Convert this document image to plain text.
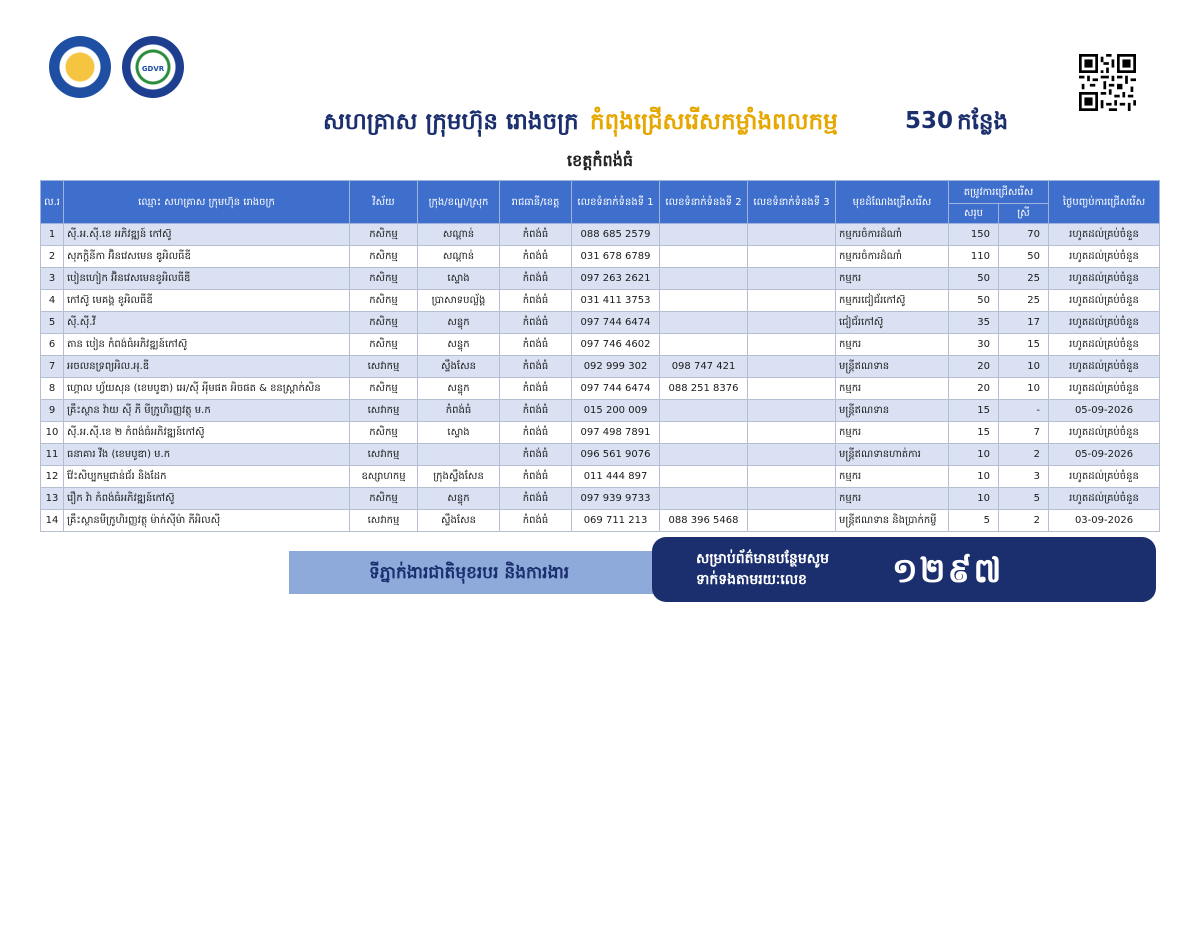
GDVR
សហគ្រាស ក្រុមហ៊ុន រោងចក្រ កំពុងជ្រើសរើសកម្លាំងពលកម្ម	530 កន្លែង
ខេត្តកំពង់ធំ
ល.រ	ឈ្មោះ សហគ្រាស ក្រុមហ៊ុន រោងចក្រ	វិស័យ	ក្រុង/ខណ្ឌ/ស្រុក	រាជធានី/ខេត្ត	លេខទំនាក់ទំនងទី 1	លេខទំនាក់ទំនងទី 2	លេខទំនាក់ទំនងទី 3	មុខដំណែងជ្រើសរើស	តម្រូវការជ្រើសរើស		ថ្ងៃបញ្ចប់ការជ្រើសរើស
									សរុប	ស្រី	
1	ស៊ី.អ.ស៊ី.ខេ អភិវឌ្ឍន៍ កៅស៊ូ	កសិកម្ម	សណ្ដាន់	កំពង់ធំ	088 685 2579			កម្មករចំការដំណាំ	150	70	រហូតដល់គ្រប់ចំនួន
2	សុភក្តិនីកា អ៊ិនវេសមេន ឌូអិលធីឌី	កសិកម្ម	សណ្ដាន់	កំពង់ធំ	031 678 6789			កម្មករចំការដំណាំ	110	50	រហូតដល់គ្រប់ចំនួន
3	បៀនហៀក អ៊ិនវេសមេនខូអិលធីឌី	កសិកម្ម	ស្ទោង	កំពង់ធំ	097 263 2621			កម្មករ	50	25	រហូតដល់គ្រប់ចំនួន
4	កៅស៊ូ មេគង្គ ខូអិលធីឌី	កសិកម្ម	ប្រាសាទបល្ល័ង្គ	កំពង់ធំ	031 411 3753			កម្មករជៀជ័រកៅស៊ូ	50	25	រហូតដល់គ្រប់ចំនួន
5	ស៊ី.ស៊ី.វី	កសិកម្ម	សន្ទុក	កំពង់ធំ	097 744 6474			ជៀជ័រកៅស៊ូ	35	17	រហូតដល់គ្រប់ចំនួន
6	តាន បៀន កំពង់ធំអភិវឌ្ឍន៍កៅស៊ូ	កសិកម្ម	សន្ទុក	កំពង់ធំ	097 746 4602			កម្មករ	30	15	រហូតដល់គ្រប់ចំនួន
7	អចលនទ្រព្យអិល.អុ.ឌី	សេវាកម្ម	ស្ទឹងសែន	កំពង់ធំ	092 999 302	098 747 421		មន្ត្រីឥណទាន	20	10	រហូតដល់គ្រប់ចំនួន
8	ហ្គោល ហ្វ័យសុន (ខេមបូឌា) អេ/ស៊ី អុីមផត អិចផត & ខនស្ត្រាក់សិន	កសិកម្ម	សន្ទុក	កំពង់ធំ	097 744 6474	088 251 8376		កម្មករ	20	10	រហូតដល់គ្រប់ចំនួន
9	គ្រឹះស្ថាន វ៉ាយ ស៊ី ភី មីក្រូហិរញ្ញវត្ថុ ម.ក	សេវាកម្ម	កំពង់ធំ	កំពង់ធំ	015 200 009			មន្ត្រីឥណទាន	15	-	05-09-2026
10	ស៊ី.អ.ស៊ី.ខេ ២ កំពង់ធំអភិវឌ្ឍន៍កៅស៊ូ	កសិកម្ម	ស្ទោង	កំពង់ធំ	097 498 7891			កម្មករ	15	7	រហូតដល់គ្រប់ចំនួន
11	ធនាគារ វីង (ខេមបូឌា) ម.ក	សេវាកម្ម		កំពង់ធំ	096 561 9076			មន្ត្រីឥណទានហាត់ការ	10	2	05-09-2026
12	វ៉ែះសិប្បកម្មជាន់ជ័រ និងដែក	ឧស្សាហកម្ម	ក្រុងស្ទឹងសែន	កំពង់ធំ	011 444 897			កម្មករ	10	3	រហូតដល់គ្រប់ចំនួន
13	រឿក វ៉ា កំពង់ធំអភិវឌ្ឍន៍កៅស៊ូ	កសិកម្ម	សន្ទុក	កំពង់ធំ	097 939 9733			កម្មករ	10	5	រហូតដល់គ្រប់ចំនួន
14	គ្រឹះស្ថានមីក្រូហិរញ្ញវត្ថុ ម៉ាក់ស៊ីម៉ា ភីអិលស៊ី	សេវាកម្ម	ស្ទឹងសែន	កំពង់ធំ	069 711 213	088 396 5468		មន្ត្រីឥណទាន និងប្រាក់កម្ចី	5	2	03-09-2026
ទីភ្នាក់ងារជាតិមុខរបរ និងការងារ
សម្រាប់ព័ត៌មានបន្ថែមសូម
ទាក់ទងតាមរយៈលេខ	១២៩៧
